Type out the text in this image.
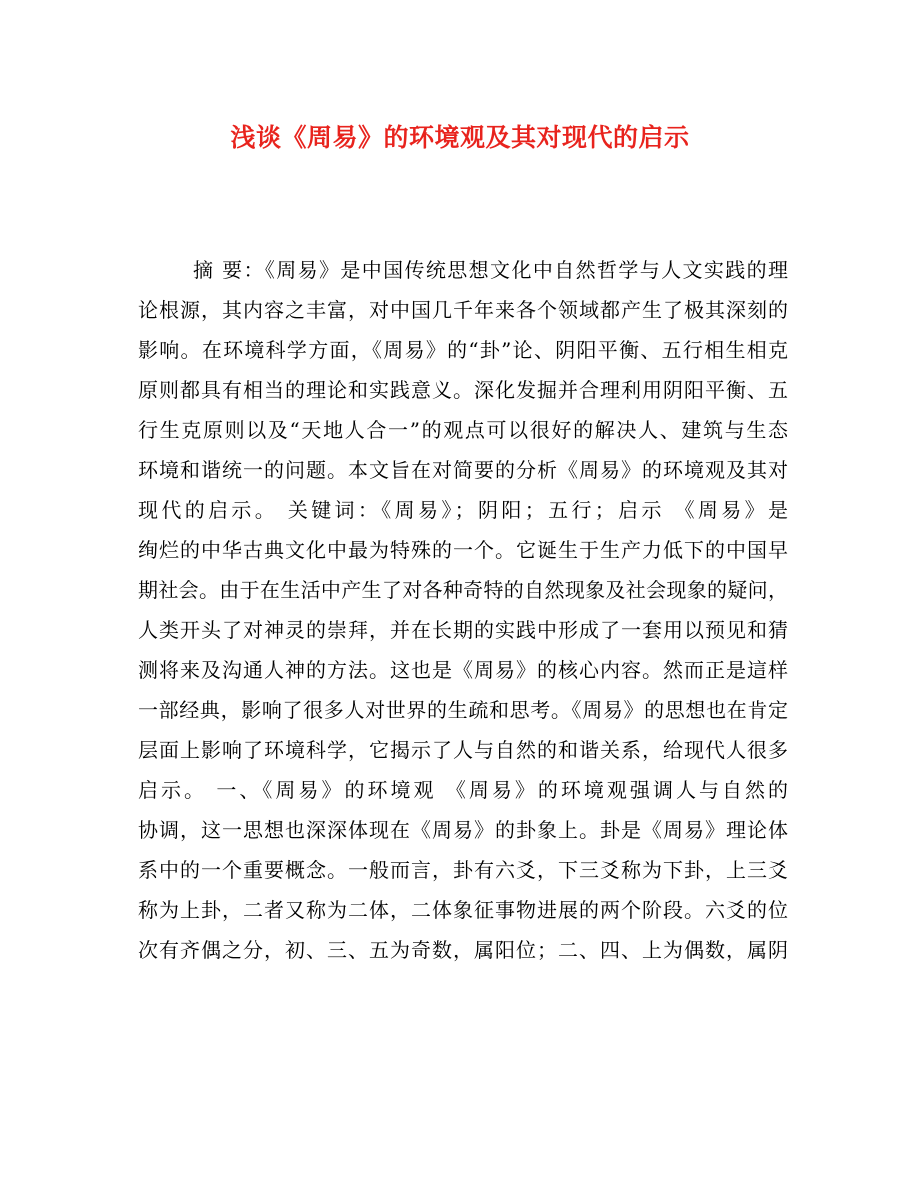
浅谈《周易》的环境观及其对现代的启示
摘 要：《周易》是中国传统思想文化中自然哲学与人文实践的理
论根源，其内容之丰富，对中国几千年来各个领域都产生了极其深刻的
影响。在环境科学方面，《周易》的“卦”论、阴阳平衡、五行相生相克
原则都具有相当的理论和实践意义。深化发掘并合理利用阴阳平衡、五
行生克原则以及“天地人合一”的观点可以很好的解决人、建筑与生态
环境和谐统一的问题。本文旨在对简要的分析《周易》的环境观及其对
现代的启示。 关键词：《周易》；阴阳；五行；启示 《周易》是
绚烂的中华古典文化中最为特殊的一个。它诞生于生产力低下的中国早
期社会。由于在生活中产生了对各种奇特的自然现象及社会现象的疑问，
人类开头了对神灵的崇拜，并在长期的实践中形成了一套用以预见和猜
测将来及沟通人神的方法。这也是《周易》的核心内容。然而正是這样
一部经典，影响了很多人对世界的生疏和思考。《周易》的思想也在肯定
层面上影响了环境科学，它揭示了人与自然的和谐关系，给现代人很多
启示。 一、《周易》的环境观 《周易》的环境观强调人与自然的
协调，这一思想也深深体现在《周易》的卦象上。卦是《周易》理论体
系中的一个重要概念。一般而言，卦有六爻，下三爻称为下卦，上三爻
称为上卦，二者又称为二体，二体象征事物进展的两个阶段。六爻的位
次有齐偶之分，初、三、五为奇数，属阳位；二、四、上为偶数，属阴
